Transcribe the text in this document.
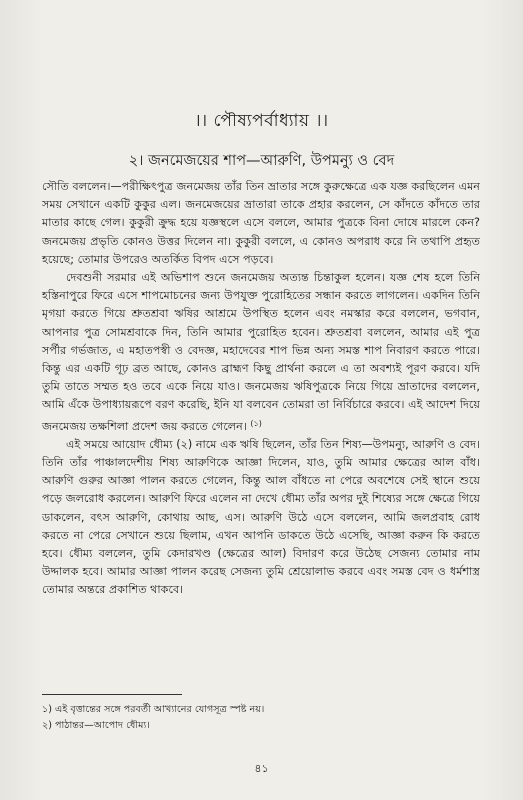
।। পৌষ্যপর্বাধ্যায় ।।
২। জনমেজয়ের শাপ—আরুণি, উপমন্যু ও বেদ

সৌতি বললেন।—পরীক্ষিৎপুত্র জনমেজয় তাঁর তিন ভ্রাতার সঙ্গে কুরুক্ষেত্রে এক যজ্ঞ করছিলেন এমন সময় সেখানে একটি কুকুর এল। জনমেজয়ের ভ্রাতারা তাকে প্রহার করলেন, সে কাঁদতে কাঁদতে তার মাতার কাছে গেল। কুকুরী ক্রুদ্ধ হয়ে যজ্ঞস্থলে এসে বললে, আমার পুত্রকে বিনা দোষে মারলে কেন? জনমেজয় প্রভৃতি কোনও উত্তর দিলেন না। কুকুরী বললে, এ কোনও অপরাধ করে নি তথাপি প্রহৃত হয়েছে; তোমার উপরেও অতর্কিত বিপদ এসে পড়বে।

দেবশুনী সরমার এই অভিশাপ শুনে জনমেজয় অত্যন্ত চিন্তাকুল হলেন। যজ্ঞ শেষ হলে তিনি হস্তিনাপুরে ফিরে এসে শাপমোচনের জন্য উপযুক্ত পুরোহিতের সন্ধান করতে লাগলেন। একদিন তিনি মৃগয়া করতে গিয়ে শ্রুতশ্রবা ঋষির আশ্রমে উপস্থিত হলেন এবং নমস্কার করে বললেন, ভগবান, আপনার পুত্র সোমশ্রবাকে দিন, তিনি আমার পুরোহিত হবেন। শ্রুতশ্রবা বললেন, আমার এই পুত্র সর্পীর গর্ভজাত, এ মহাতপস্বী ও বেদজ্ঞ, মহাদেবের শাপ ভিন্ন অন্য সমস্ত শাপ নিবারণ করতে পারে। কিন্তু এর একটি গূঢ় ব্রত আছে, কোনও ব্রাহ্মণ কিছু প্রার্থনা করলে এ তা অবশ্যই পূরণ করবে। যদি তুমি তাতে সম্মত হও তবে একে নিয়ে যাও। জনমেজয় ঋষিপুত্রকে নিয়ে গিয়ে ভ্রাতাদের বললেন, আমি এঁকে উপাধ্যায়রূপে বরণ করেছি, ইনি যা বলবেন তোমরা তা নির্বিচারে করবে। এই আদেশ দিয়ে জনমেজয় তক্ষশিলা প্রদেশ জয় করতে গেলেন। $^{(১)}$

এই সময়ে আয়োদ ধৌম্য (২) নামে এক ঋষি ছিলেন, তাঁর তিন শিষ্য—উপমন্যু, আরুণি ও বেদ। তিনি তাঁর পাঞ্চালদেশীয় শিষ্য আরুণিকে আজ্ঞা দিলেন, যাও, তুমি আমার ক্ষেত্রের আল বাঁধ। আরুণি গুরুর আজ্ঞা পালন করতে গেলেন, কিন্তু আল বাঁধতে না পেরে অবশেষে সেই স্থানে শুয়ে পড়ে জলরোধ করলেন। আরুণি ফিরে এলেন না দেখে ধৌম্য তাঁর অপর দুই শিষ্যের সঙ্গে ক্ষেত্রে গিয়ে ডাকলেন, বৎস আরুণি, কোথায় আছ, এস। আরুণি উঠে এসে বললেন, আমি জলপ্রবাহ রোধ করতে না পেরে সেখানে শুয়ে ছিলাম, এখন আপনি ডাকতে উঠে এসেছি, আজ্ঞা করুন কি করতে হবে। ধৌম্য বললেন, তুমি কেদারখণ্ড (ক্ষেত্রের আল) বিদারণ করে উঠেছ সেজন্য তোমার নাম উদ্দালক হবে। আমার আজ্ঞা পালন করেছ সেজন্য তুমি শ্রেয়োলাভ করবে এবং সমস্ত বেদ ও ধর্মশাস্ত্র তোমার অন্তরে প্রকাশিত থাকবে।

১) এই বৃত্তান্তের সঙ্গে পরবর্তী আখ্যানের যোগসূত্র স্পষ্ট নয়।

২) পাঠান্তর—আপোদ ধৌম্য।

৪১
